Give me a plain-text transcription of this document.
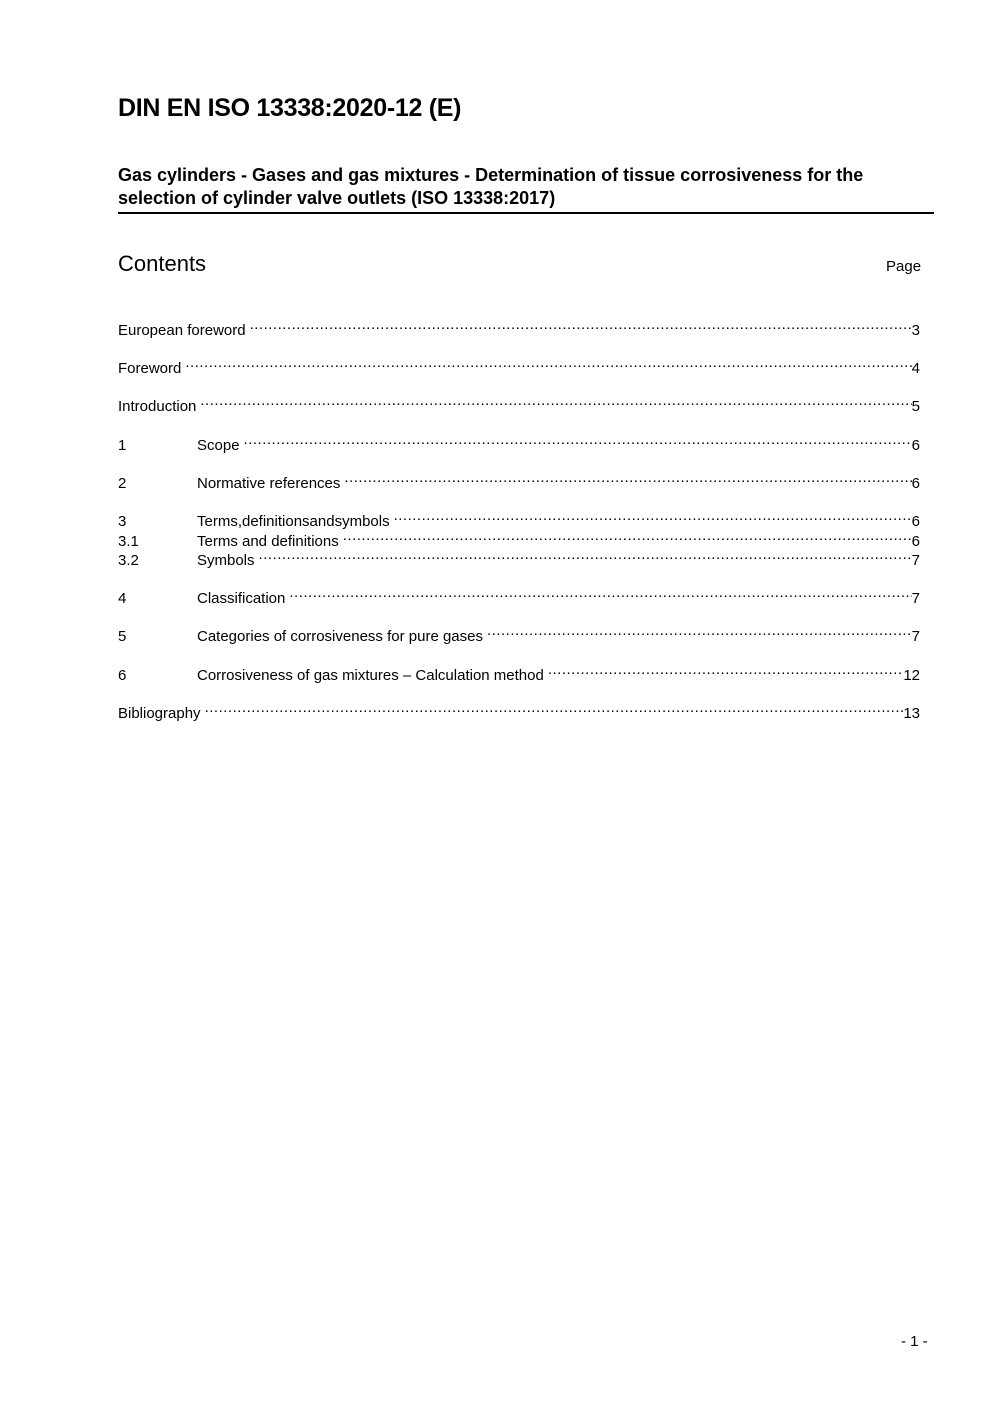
DIN EN ISO 13338:2020-12 (E)
Gas cylinders - Gases and gas mixtures - Determination of tissue corrosiveness for the selection of cylinder valve outlets (ISO 13338:2017)
Contents	Page
European foreword .....	3
Foreword .....	4
Introduction .....	5
1	Scope .....	6
2	Normative references .....	6
3	Terms,definitionsandsymbols .....	6
3.1	Terms and definitions .....	6
3.2	Symbols .....	7
4	Classification .....	7
5	Categories of corrosiveness for pure gases .....	7
6	Corrosiveness of gas mixtures – Calculation method .....	12
Bibliography .....	13
- 1 -
